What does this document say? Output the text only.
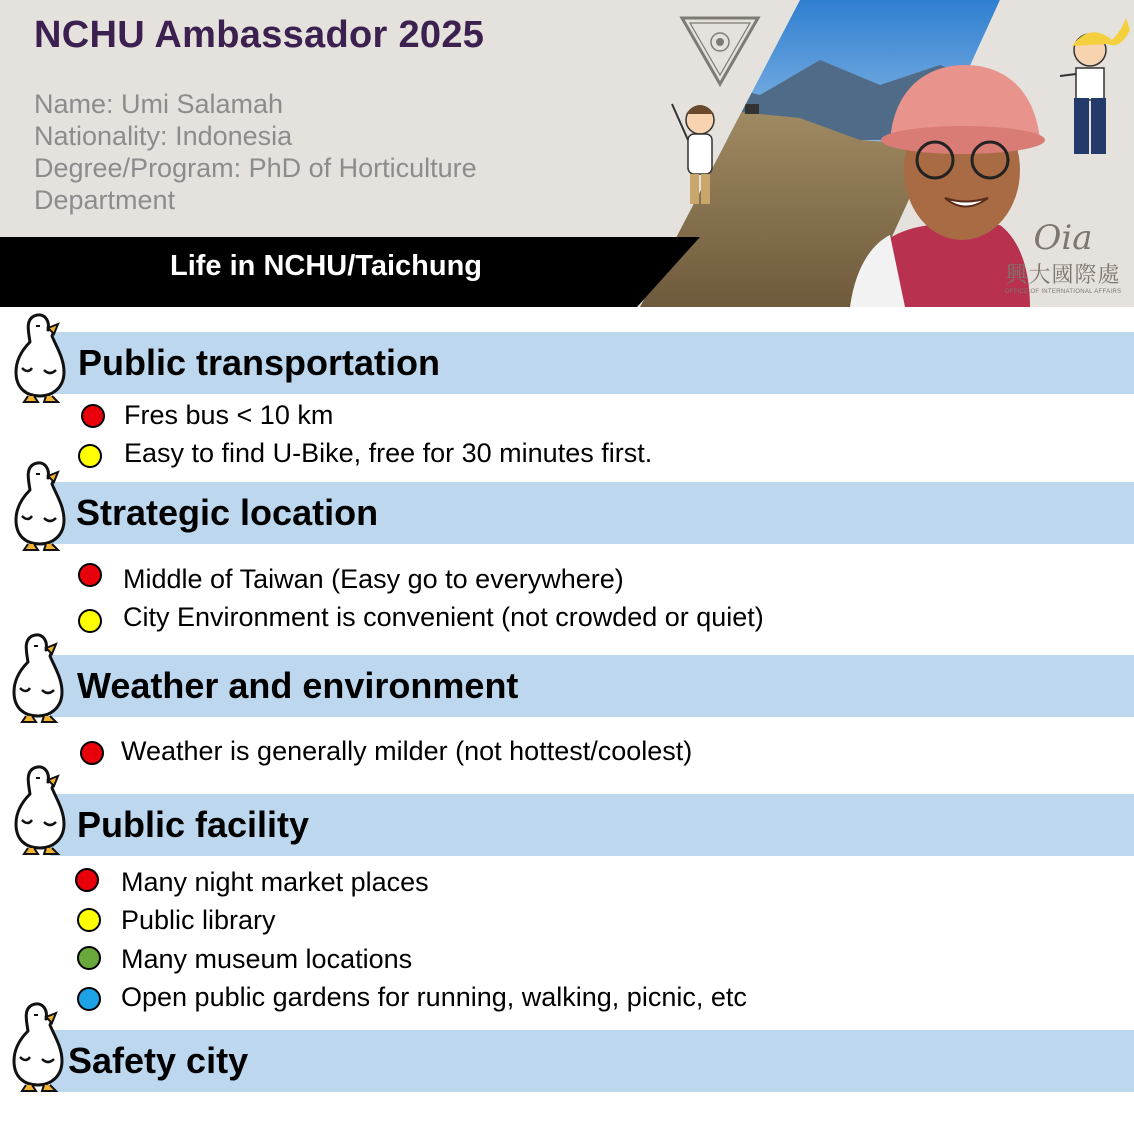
NCHU Ambassador 2025
Name: Umi Salamah
Nationality: Indonesia
Degree/Program: PhD of Horticulture Department
Oia
興大國際處
OFFICE OF INTERNATIONAL AFFAIRS
Life in NCHU/Taichung
Public transportation
Fres bus < 10 km
Easy to find U-Bike, free for 30 minutes first.
Strategic location
Middle of Taiwan (Easy go to everywhere)
City Environment is convenient (not crowded or quiet)
Weather and environment
Weather is generally milder (not hottest/coolest)
Public facility
Many night market places
Public library
Many museum locations
Open public gardens for running, walking, picnic, etc
Safety city
